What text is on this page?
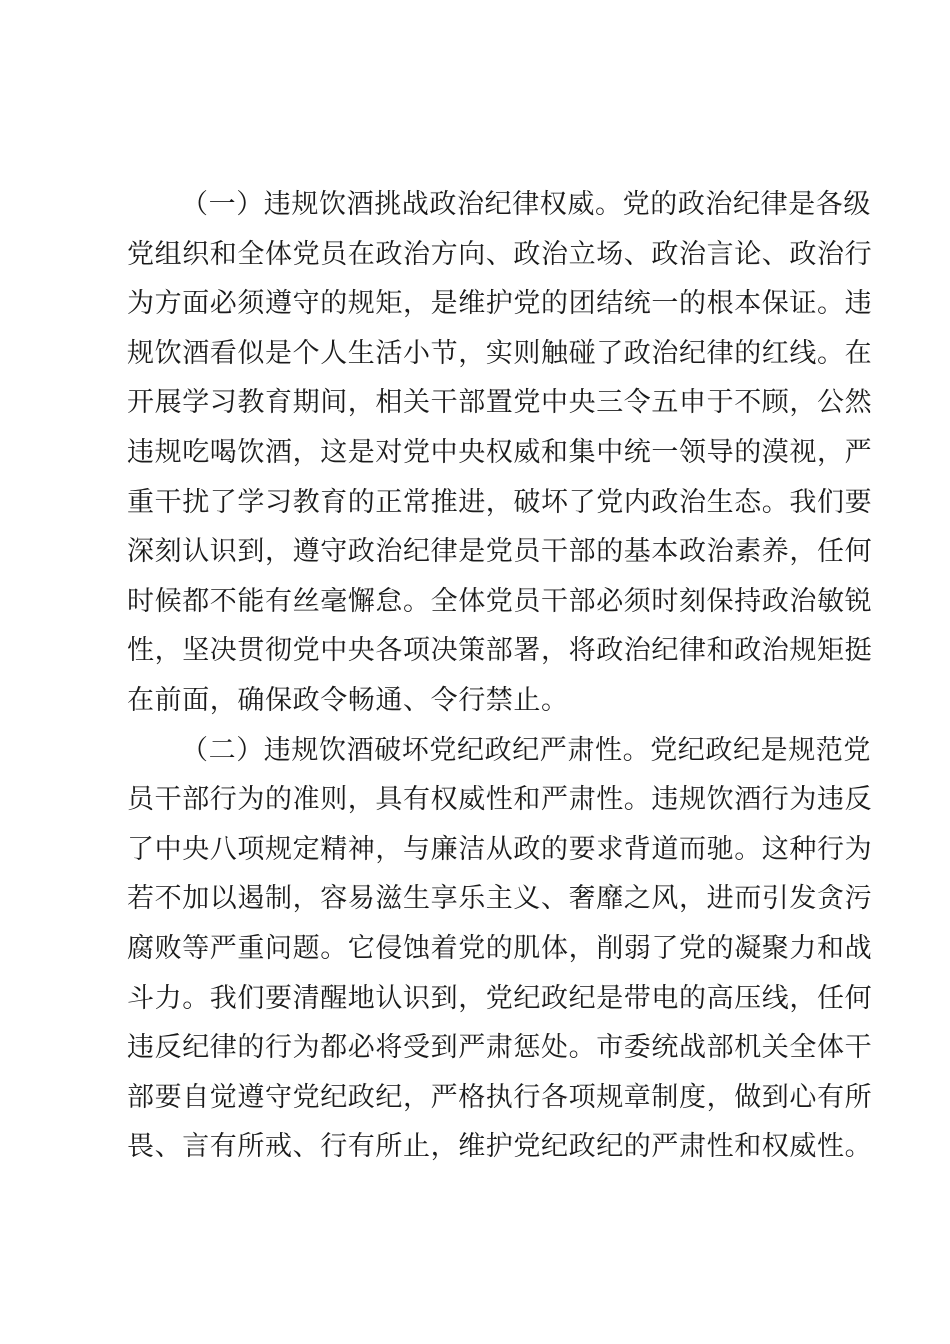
（一）违规饮酒挑战政治纪律权威。党的政治纪律是各级
党组织和全体党员在政治方向、政治立场、政治言论、政治行
为方面必须遵守的规矩，是维护党的团结统一的根本保证。违
规饮酒看似是个人生活小节，实则触碰了政治纪律的红线。在
开展学习教育期间，相关干部置党中央三令五申于不顾，公然
违规吃喝饮酒，这是对党中央权威和集中统一领导的漠视，严
重干扰了学习教育的正常推进，破坏了党内政治生态。我们要
深刻认识到，遵守政治纪律是党员干部的基本政治素养，任何
时候都不能有丝毫懈怠。全体党员干部必须时刻保持政治敏锐
性，坚决贯彻党中央各项决策部署，将政治纪律和政治规矩挺
在前面，确保政令畅通、令行禁止。
（二）违规饮酒破坏党纪政纪严肃性。党纪政纪是规范党
员干部行为的准则，具有权威性和严肃性。违规饮酒行为违反
了中央八项规定精神，与廉洁从政的要求背道而驰。这种行为
若不加以遏制，容易滋生享乐主义、奢靡之风，进而引发贪污
腐败等严重问题。它侵蚀着党的肌体，削弱了党的凝聚力和战
斗力。我们要清醒地认识到，党纪政纪是带电的高压线，任何
违反纪律的行为都必将受到严肃惩处。市委统战部机关全体干
部要自觉遵守党纪政纪，严格执行各项规章制度，做到心有所
畏、言有所戒、行有所止，维护党纪政纪的严肃性和权威性。
